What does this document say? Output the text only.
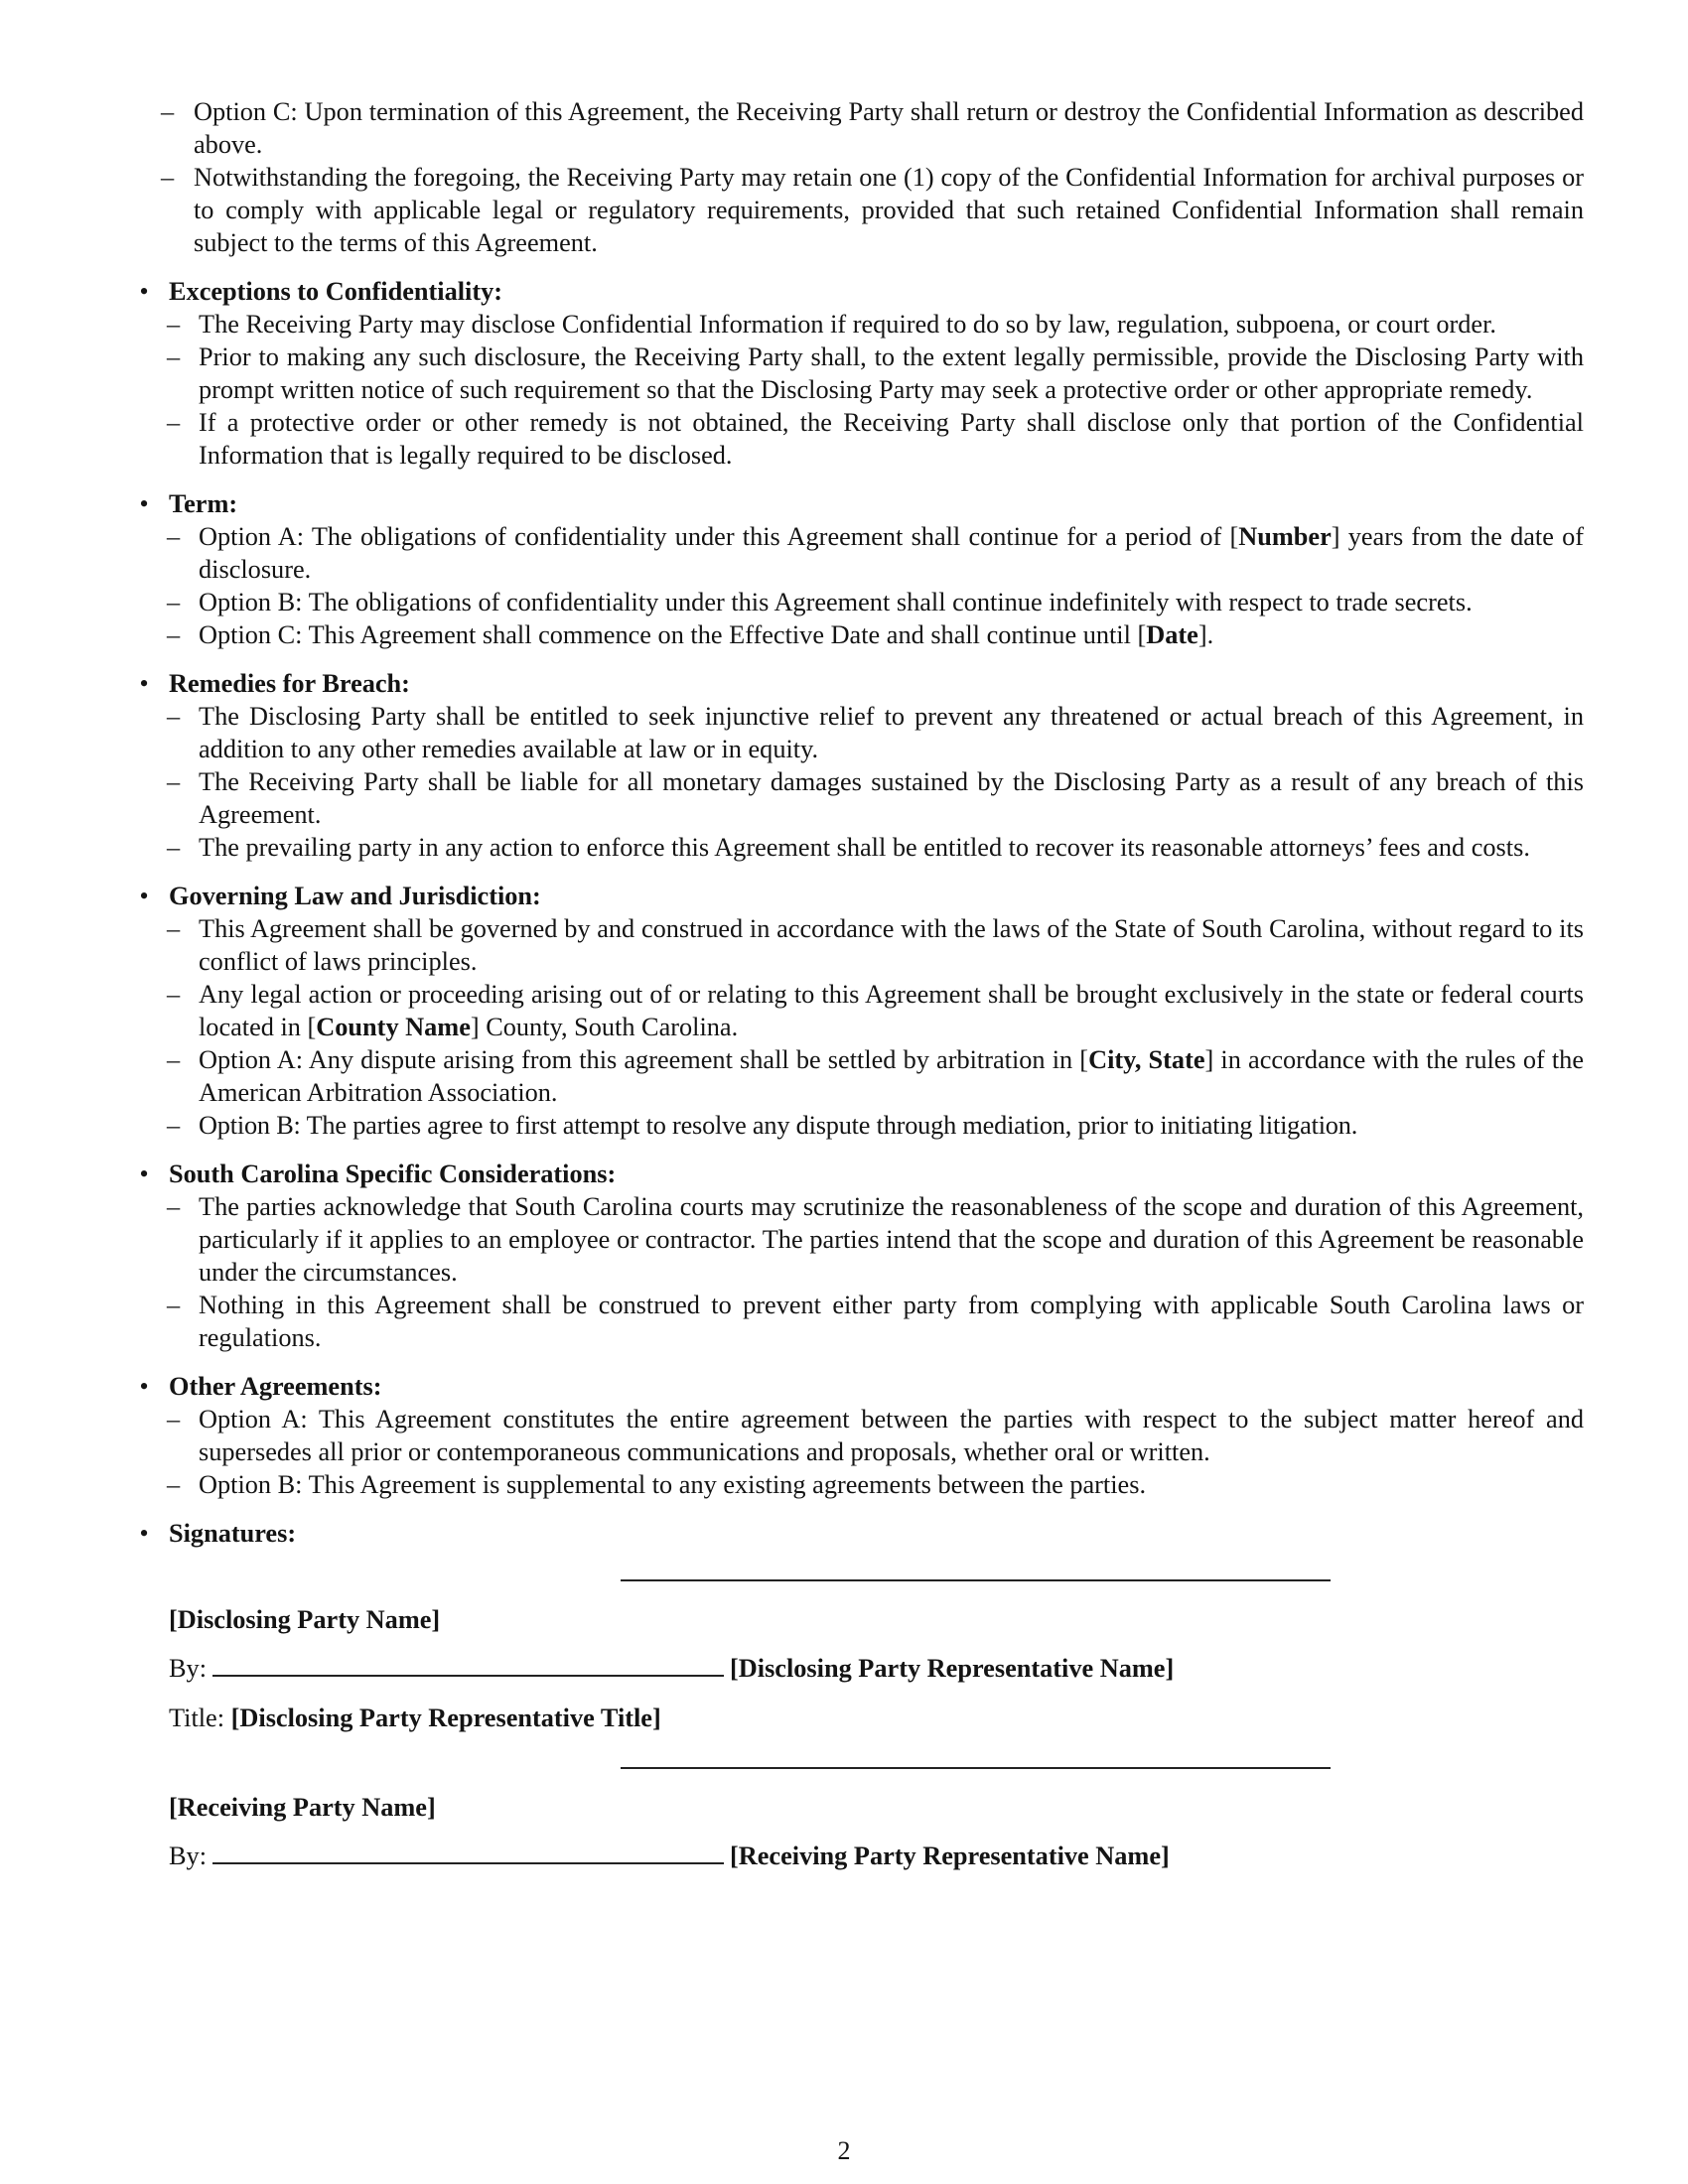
– Option C: Upon termination of this Agreement, the Receiving Party shall return or destroy the Confidential Information as described above.
– Notwithstanding the foregoing, the Receiving Party may retain one (1) copy of the Confidential Information for archival purposes or to comply with applicable legal or regulatory requirements, provided that such retained Confidential Information shall remain subject to the terms of this Agreement.
• Exceptions to Confidentiality:
– The Receiving Party may disclose Confidential Information if required to do so by law, regulation, subpoena, or court order.
– Prior to making any such disclosure, the Receiving Party shall, to the extent legally permissible, provide the Disclosing Party with prompt written notice of such requirement so that the Disclosing Party may seek a protective order or other appropriate remedy.
– If a protective order or other remedy is not obtained, the Receiving Party shall disclose only that portion of the Confidential Information that is legally required to be disclosed.
• Term:
– Option A: The obligations of confidentiality under this Agreement shall continue for a period of [Number] years from the date of disclosure.
– Option B: The obligations of confidentiality under this Agreement shall continue indefinitely with respect to trade secrets.
– Option C: This Agreement shall commence on the Effective Date and shall continue until [Date].
• Remedies for Breach:
– The Disclosing Party shall be entitled to seek injunctive relief to prevent any threatened or actual breach of this Agreement, in addition to any other remedies available at law or in equity.
– The Receiving Party shall be liable for all monetary damages sustained by the Disclosing Party as a result of any breach of this Agreement.
– The prevailing party in any action to enforce this Agreement shall be entitled to recover its reasonable attorneys’ fees and costs.
• Governing Law and Jurisdiction:
– This Agreement shall be governed by and construed in accordance with the laws of the State of South Carolina, without regard to its conflict of laws principles.
– Any legal action or proceeding arising out of or relating to this Agreement shall be brought exclusively in the state or federal courts located in [County Name] County, South Carolina.
– Option A: Any dispute arising from this agreement shall be settled by arbitration in [City, State] in accordance with the rules of the American Arbitration Association.
– Option B: The parties agree to first attempt to resolve any dispute through mediation, prior to initiating litigation.
• South Carolina Specific Considerations:
– The parties acknowledge that South Carolina courts may scrutinize the reasonableness of the scope and duration of this Agreement, particularly if it applies to an employee or contractor. The parties intend that the scope and duration of this Agreement be reasonable under the circumstances.
– Nothing in this Agreement shall be construed to prevent either party from complying with applicable South Carolina laws or regulations.
• Other Agreements:
– Option A: This Agreement constitutes the entire agreement between the parties with respect to the subject matter hereof and supersedes all prior or contemporaneous communications and proposals, whether oral or written.
– Option B: This Agreement is supplemental to any existing agreements between the parties.
• Signatures:

[Disclosing Party Name]

By:	[Disclosing Party Representative Name]

Title: [Disclosing Party Representative Title]

[Receiving Party Name]

By:	[Receiving Party Representative Name]

2
